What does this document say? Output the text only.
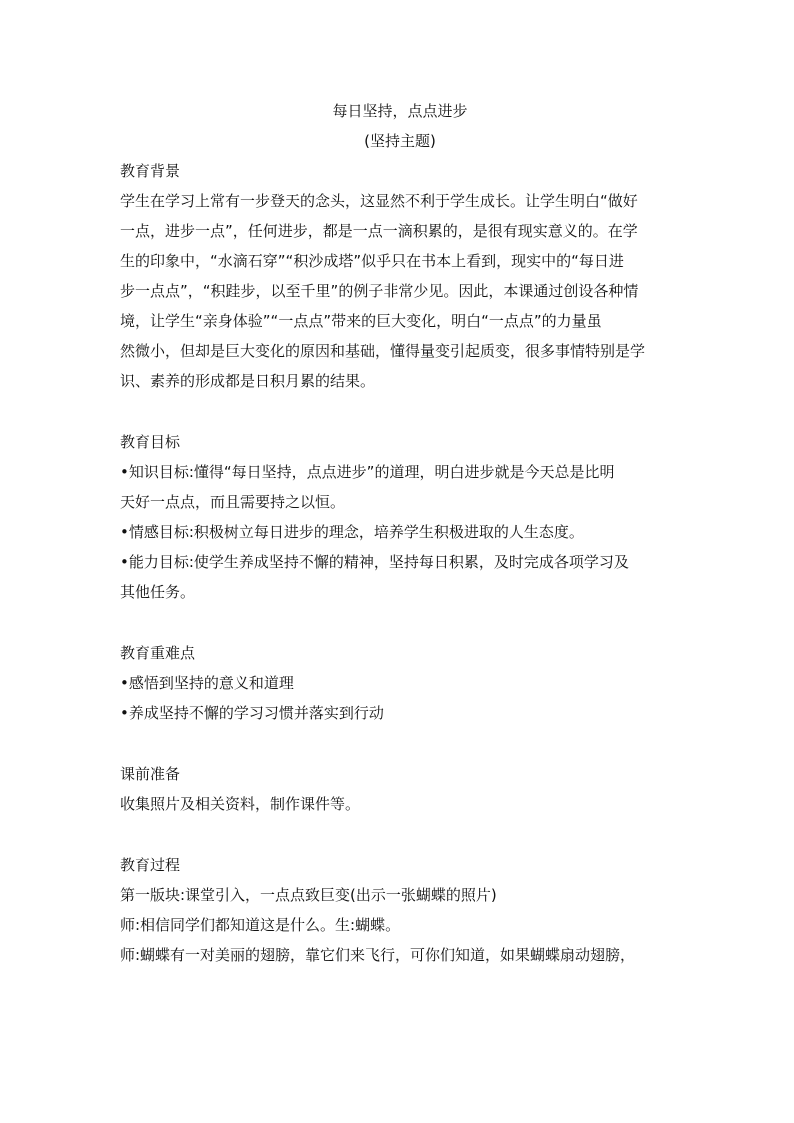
每日坚持，点点进步

(坚持主题)

教育背景

学生在学习上常有一步登天的念头，这显然不利于学生成长。让学生明白“做好

一点，进步一点”，任何进步，都是一点一滴积累的，是很有现实意义的。在学

生的印象中，“水滴石穿”“积沙成塔”似乎只在书本上看到，现实中的“每日进

步一点点”，“积跬步，以至千里”的例子非常少见。因此，本课通过创设各种情

境，让学生“亲身体验”“一点点”带来的巨大变化，明白“一点点”的力量虽

然微小，但却是巨大变化的原因和基础，懂得量变引起质变，很多事情特别是学

识、素养的形成都是日积月累的结果。

教育目标

•知识目标:懂得“每日坚持，点点进步”的道理，明白进步就是今天总是比明

天好一点点，而且需要持之以恒。

•情感目标:积极树立每日进步的理念，培养学生积极进取的人生态度。

•能力目标:使学生养成坚持不懈的精神，坚持每日积累，及时完成各项学习及

其他任务。

教育重难点

•感悟到坚持的意义和道理

•养成坚持不懈的学习习惯并落实到行动

课前准备

收集照片及相关资料，制作课件等。

教育过程

第一版块:课堂引入，一点点致巨变(出示一张蝴蝶的照片)

师:相信同学们都知道这是什么。生:蝴蝶。

师:蝴蝶有一对美丽的翅膀，靠它们来飞行，可你们知道，如果蝴蝶扇动翅膀，
